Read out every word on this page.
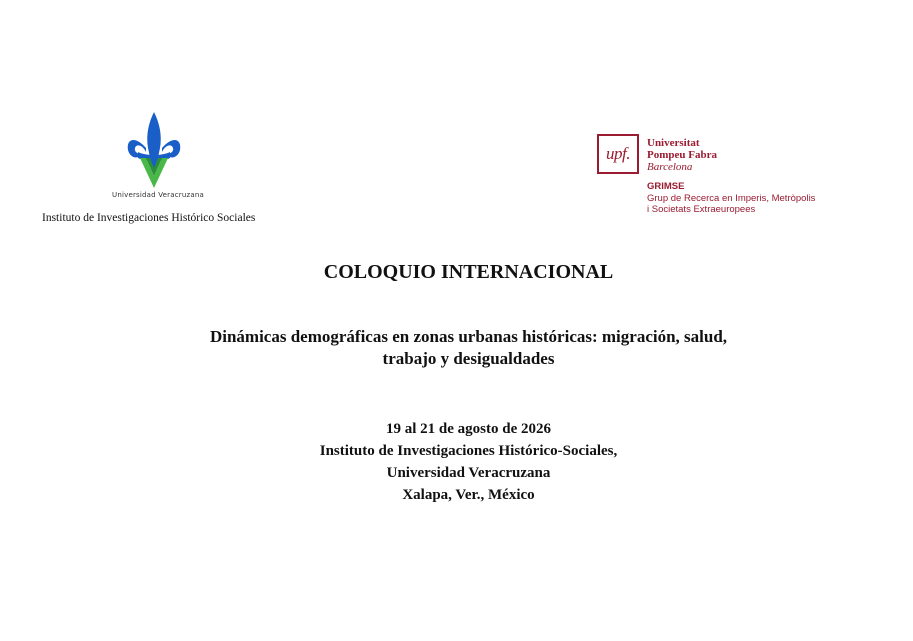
Universidad Veracruzana
Instituto de Investigaciones Histórico Sociales
upf.
Universitat
Pompeu Fabra
Barcelona
GRIMSE
Grup de Recerca en Imperis, Metròpolis
i Societats Extraeuropees
COLOQUIO INTERNACIONAL
Dinámicas demográficas en zonas urbanas históricas: migración, salud,
trabajo y desigualdades
19 al 21 de agosto de 2026
Instituto de Investigaciones Histórico-Sociales,
Universidad Veracruzana
Xalapa, Ver., México
